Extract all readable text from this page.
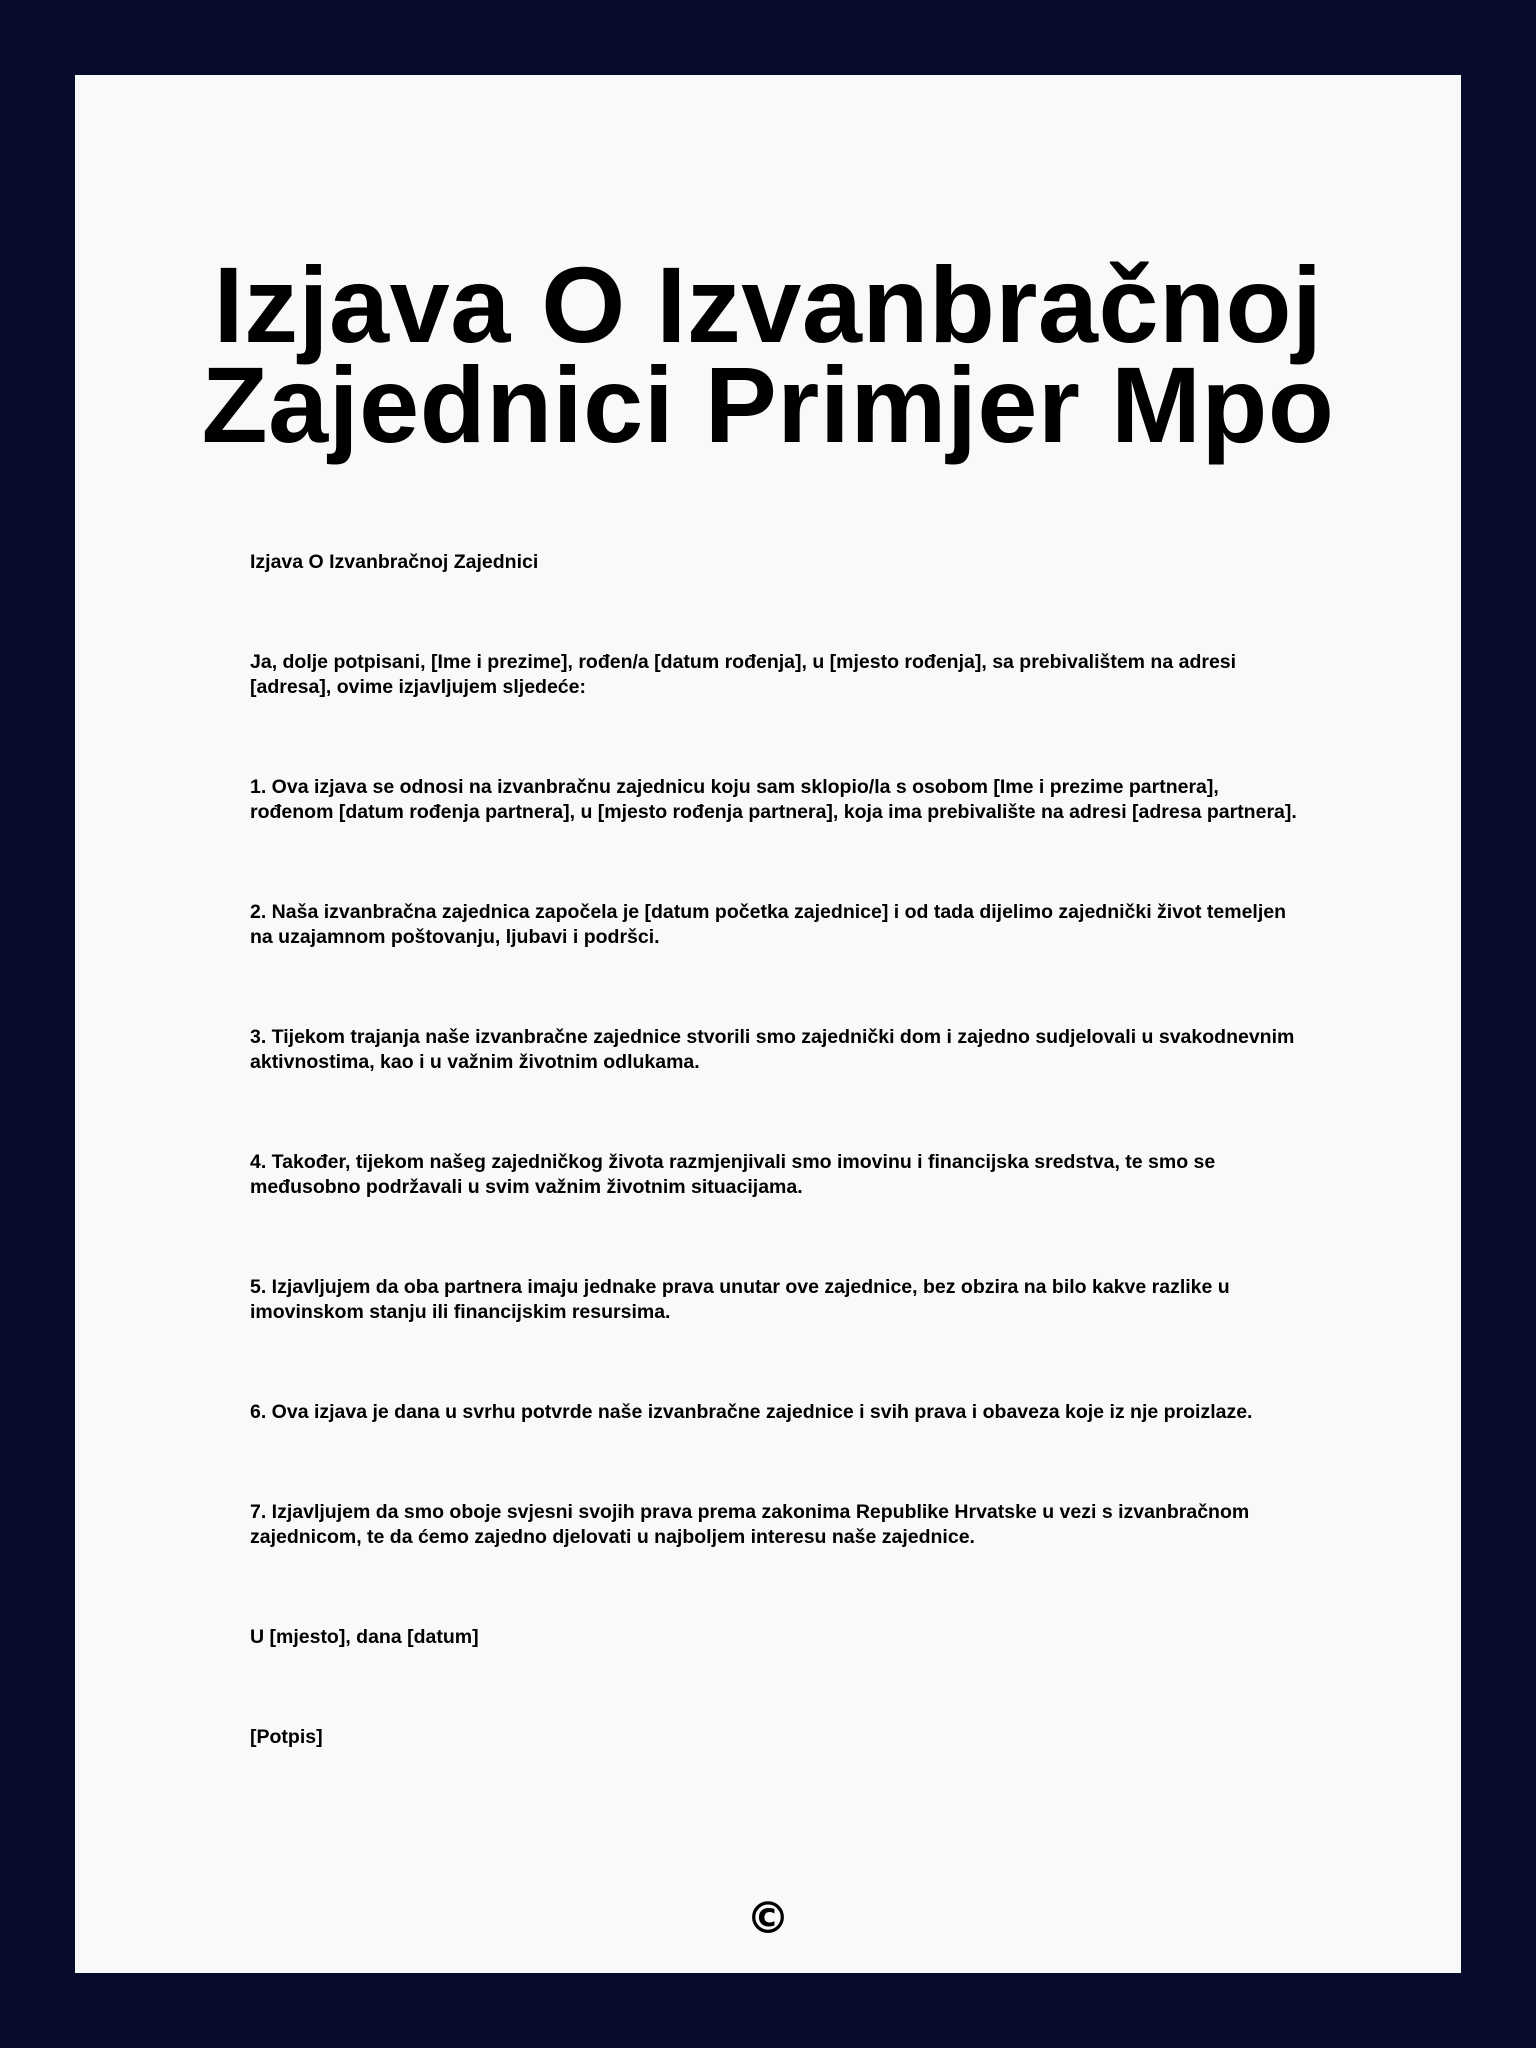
Izjava O Izvanbračnoj Zajednici Primjer Mpo

Izjava O Izvanbračnoj Zajednici

Ja, dolje potpisani, [Ime i prezime], rođen/a [datum rođenja], u [mjesto rođenja], sa prebivalištem na adresi [adresa], ovime izjavljujem sljedeće:

1. Ova izjava se odnosi na izvanbračnu zajednicu koju sam sklopio/la s osobom [Ime i prezime partnera], rođenom [datum rođenja partnera], u [mjesto rođenja partnera], koja ima prebivalište na adresi [adresa partnera].

2. Naša izvanbračna zajednica započela je [datum početka zajednice] i od tada dijelimo zajednički život temeljen na uzajamnom poštovanju, ljubavi i podršci.

3. Tijekom trajanja naše izvanbračne zajednice stvorili smo zajednički dom i zajedno sudjelovali u svakodnevnim aktivnostima, kao i u važnim životnim odlukama.

4. Također, tijekom našeg zajedničkog života razmjenjivali smo imovinu i financijska sredstva, te smo se međusobno podržavali u svim važnim životnim situacijama.

5. Izjavljujem da oba partnera imaju jednake prava unutar ove zajednice, bez obzira na bilo kakve razlike u imovinskom stanju ili financijskim resursima.

6. Ova izjava je dana u svrhu potvrde naše izvanbračne zajednice i svih prava i obaveza koje iz nje proizlaze.

7. Izjavljujem da smo oboje svjesni svojih prava prema zakonima Republike Hrvatske u vezi s izvanbračnom zajednicom, te da ćemo zajedno djelovati u najboljem interesu naše zajednice.

U [mjesto], dana [datum]

[Potpis]

©
